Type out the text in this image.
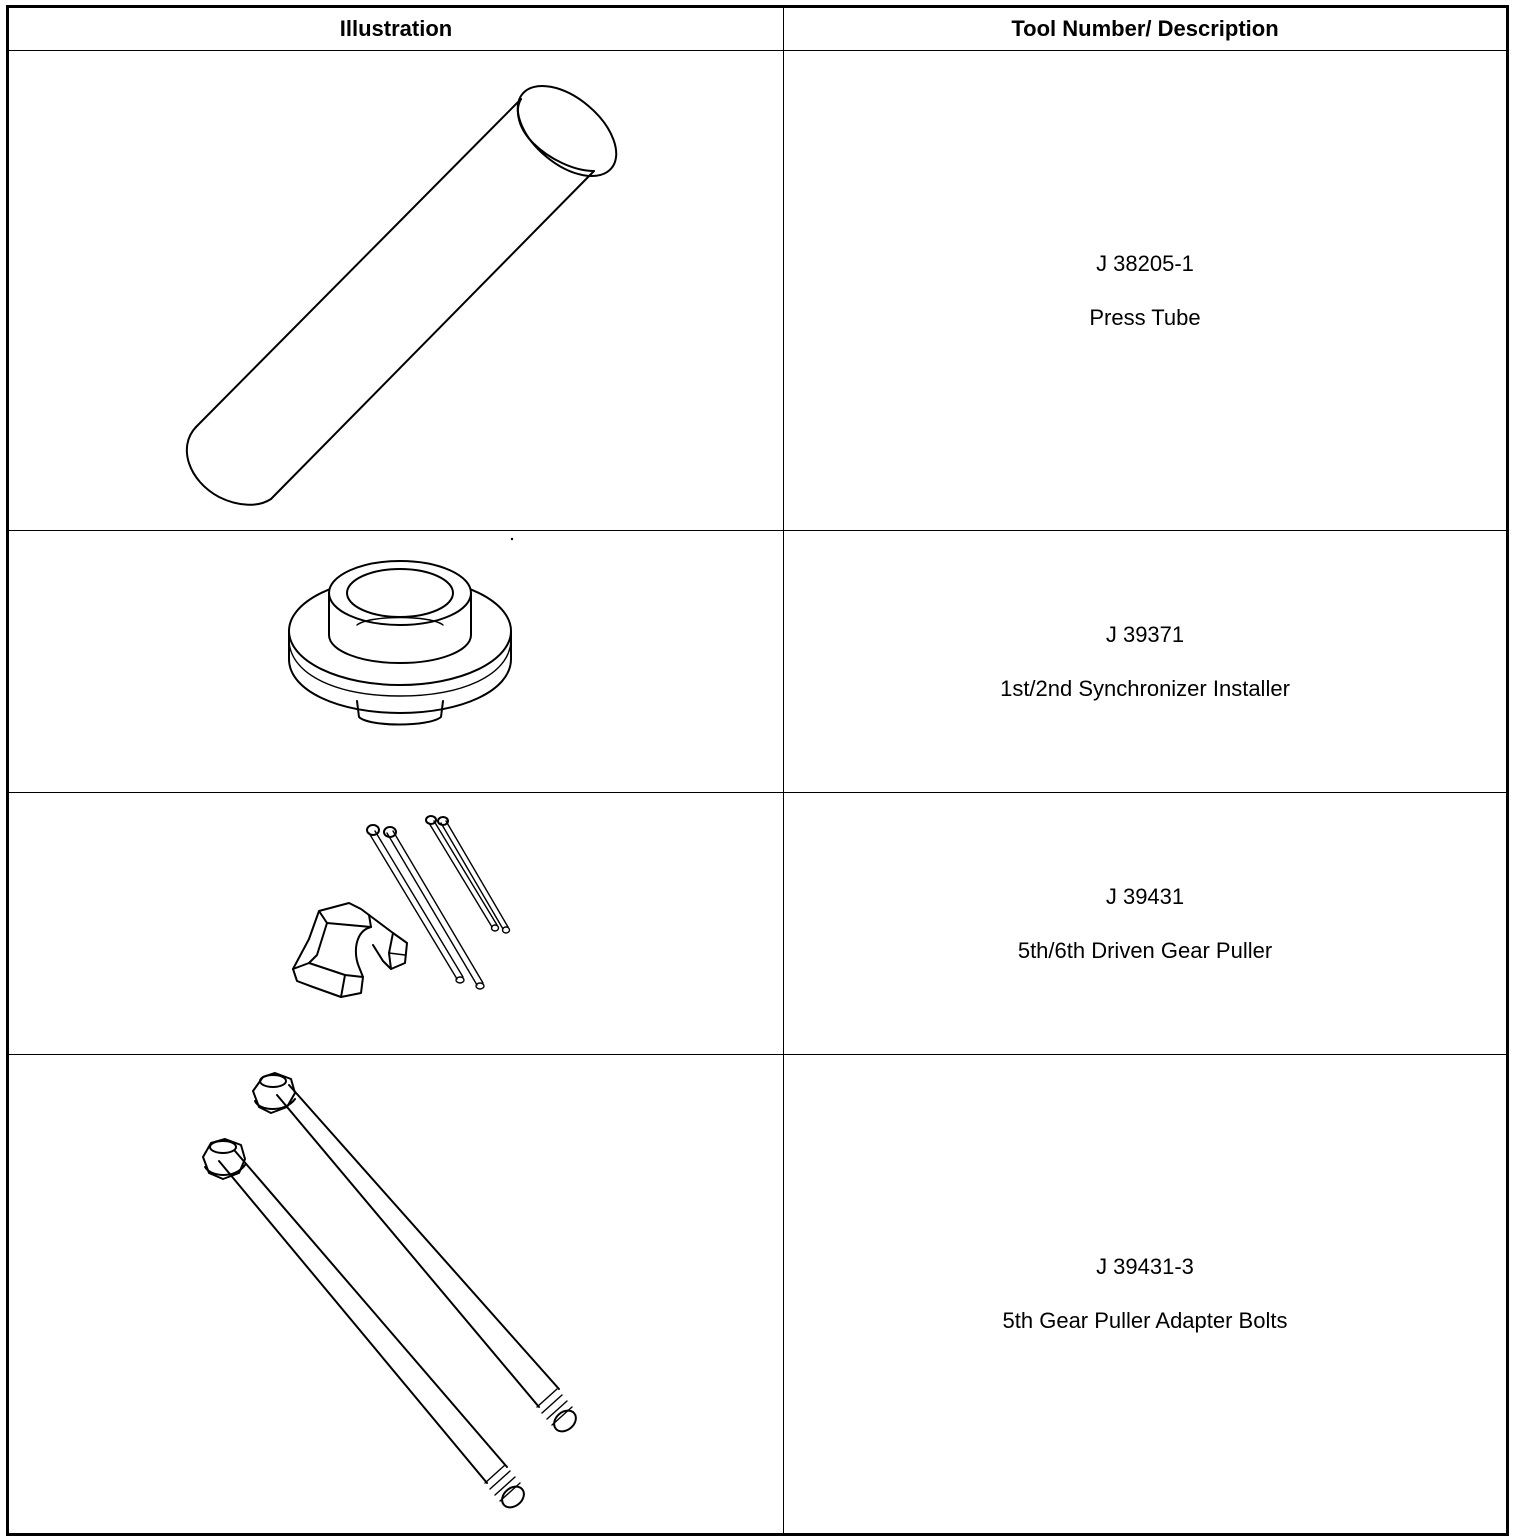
Illustration	Tool Number/ Description

J 38205-1
Press Tube

J 39371
1st/2nd Synchronizer Installer

J 39431
5th/6th Driven Gear Puller

J 39431-3
5th Gear Puller Adapter Bolts
